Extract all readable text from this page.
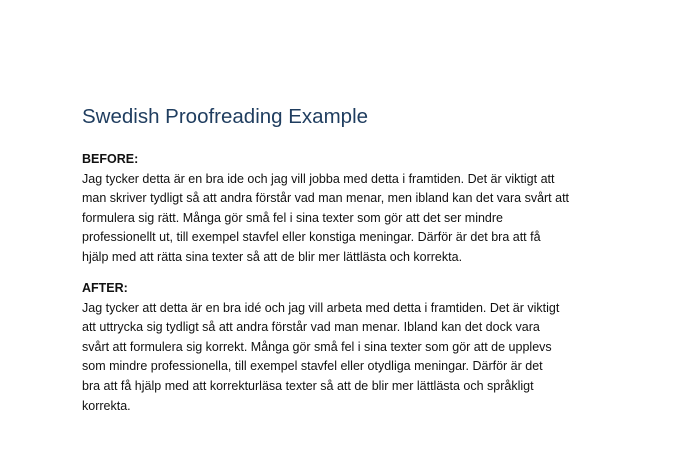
Swedish Proofreading Example
BEFORE:
Jag tycker detta är en bra ide och jag vill jobba med detta i framtiden. Det är viktigt att
man skriver tydligt så att andra förstår vad man menar, men ibland kan det vara svårt att
formulera sig rätt. Många gör små fel i sina texter som gör att det ser mindre
professionellt ut, till exempel stavfel eller konstiga meningar. Därför är det bra att få
hjälp med att rätta sina texter så att de blir mer lättlästa och korrekta.
AFTER:
Jag tycker att detta är en bra idé och jag vill arbeta med detta i framtiden. Det är viktigt
att uttrycka sig tydligt så att andra förstår vad man menar. Ibland kan det dock vara
svårt att formulera sig korrekt. Många gör små fel i sina texter som gör att de upplevs
som mindre professionella, till exempel stavfel eller otydliga meningar. Därför är det
bra att få hjälp med att korrekturläsa texter så att de blir mer lättlästa och språkligt
korrekta.
